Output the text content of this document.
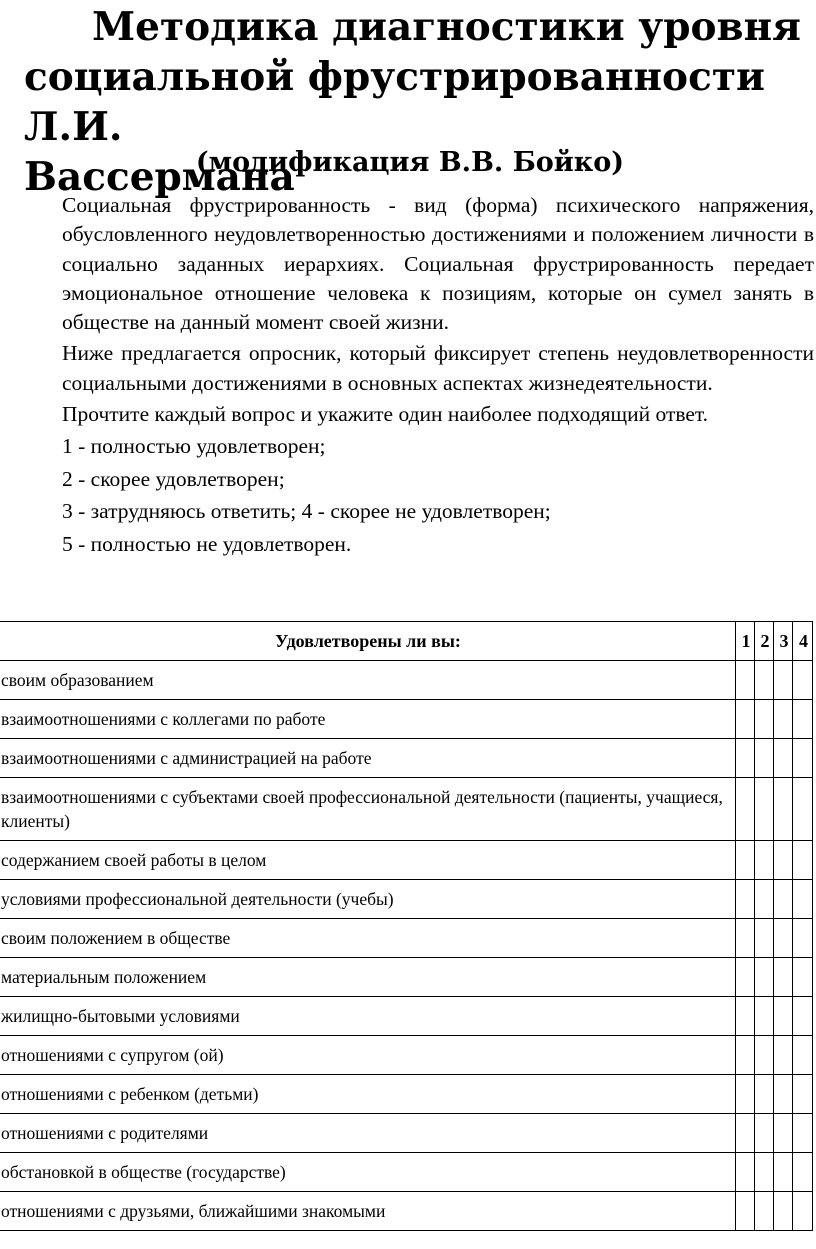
Методика диагностики уровня
социальной фрустрированности Л.И.
Вассермана
(модификация В.В. Бойко)

Социальная фрустрированность - вид (форма) психического напряжения, обусловленного неудовлетворенностью достижениями и положением личности в социально заданных иерархиях. Социальная фрустрированность передает эмоциональное отношение человека к позициям, которые он сумел занять в обществе на данный момент своей жизни.

Ниже предлагается опросник, который фиксирует степень неудовлетворенности социальными достижениями в основных аспектах жизнедеятельности.

Прочтите каждый вопрос и укажите один наиболее подходящий ответ.

1 - полностью удовлетворен;

2 - скорее удовлетворен;

3 - затрудняюсь ответить; 4 - скорее не удовлетворен;

5 - полностью не удовлетворен.

Удовлетворены ли вы:	1	2	3	4
своим образованием				
взаимоотношениями с коллегами по работе				
взаимоотношениями с администрацией на работе				
взаимоотношениями с субъектами своей профессиональной деятельности (пациенты, учащиеся, клиенты)				
содержанием своей работы в целом				
условиями профессиональной деятельности (учебы)				
своим положением в обществе				
материальным положением				
жилищно-бытовыми условиями				
отношениями с супругом (ой)				
отношениями с ребенком (детьми)				
отношениями с родителями				
обстановкой в обществе (государстве)				
отношениями с друзьями, ближайшими знакомыми				
